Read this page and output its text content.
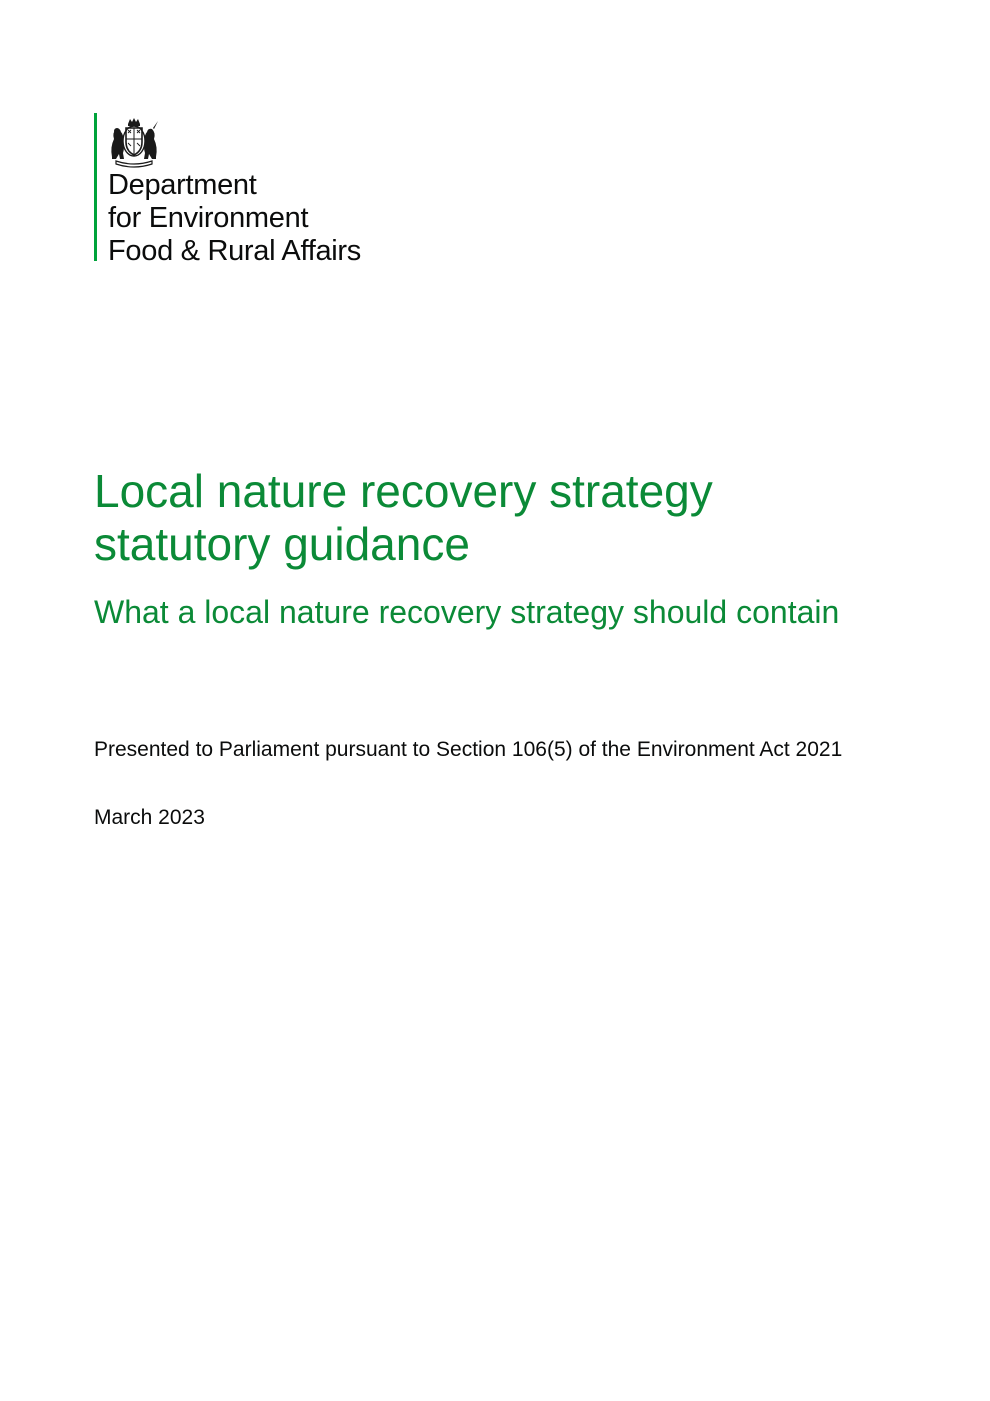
Department
for Environment
Food & Rural Affairs
Local nature recovery strategy
statutory guidance
What a local nature recovery strategy should contain
Presented to Parliament pursuant to Section 106(5) of the Environment Act 2021
March 2023
